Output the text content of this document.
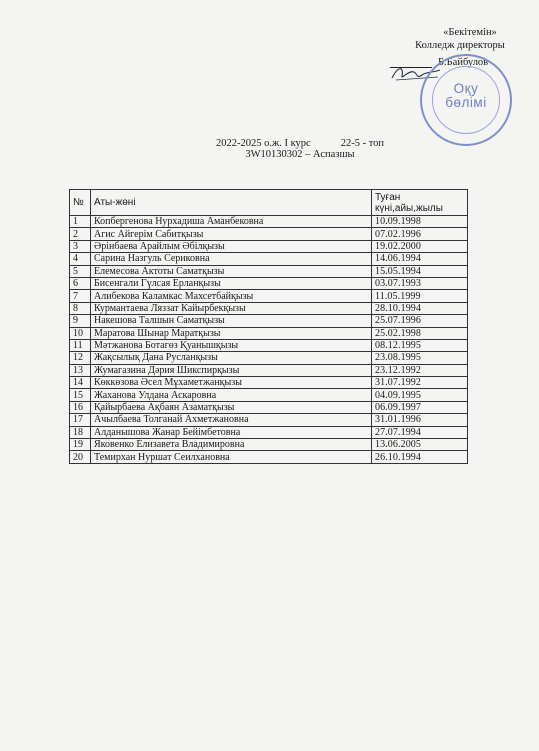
«Бекітемін»
Колледж директоры
Б.Байбулов
Оқу
бөлімі
2022-2025 о.ж. I курс	22-5 - топ
3W10130302 – Аспазшы
№	Аты-жөні	Туған күні,айы,жылы
1	Копбергенова Нурхадиша Аманбековна	10.09.1998
2	Агис Айгерім Сабитқызы	07.02.1996
3	Әрінбаева Арайлым Әбілқызы	19.02.2000
4	Сарина Назгуль Сериковна	14.06.1994
5	Елемесова Актоты Саматқызы	15.05.1994
6	Бисенгали Гүлсая Ерланқызы	03.07.1993
7	Алибекова Каламкас Махсетбайқызы	11.05.1999
8	Курмантаева Ляззат Кайырбекқызы	28.10.1994
9	Накешова Талшын Саматқызы	25.07.1996
10	Маратова Шынар Маратқызы	25.02.1998
11	Мәтжанова Ботагөз Қуанышқызы	08.12.1995
12	Жақсылық Дана Русланқызы	23.08.1995
13	Жумагазина Дәрия Шикспирқызы	23.12.1992
14	Көккөзова Әсел Мұхаметжанқызы	31.07.1992
15	Жаханова Улдана Аскаровна	04.09.1995
16	Қайырбаева Ақбаян Азаматқызы	06.09.1997
17	Ачылбаева Толганай Ахметжановна	31.01.1996
18	Алданышова Жанар Бейімбетовна	27.07.1994
19	Яковенко Елизавета Владимировна	13.06.2005
20	Темирхан Нуршат Сеилхановна	26.10.1994
